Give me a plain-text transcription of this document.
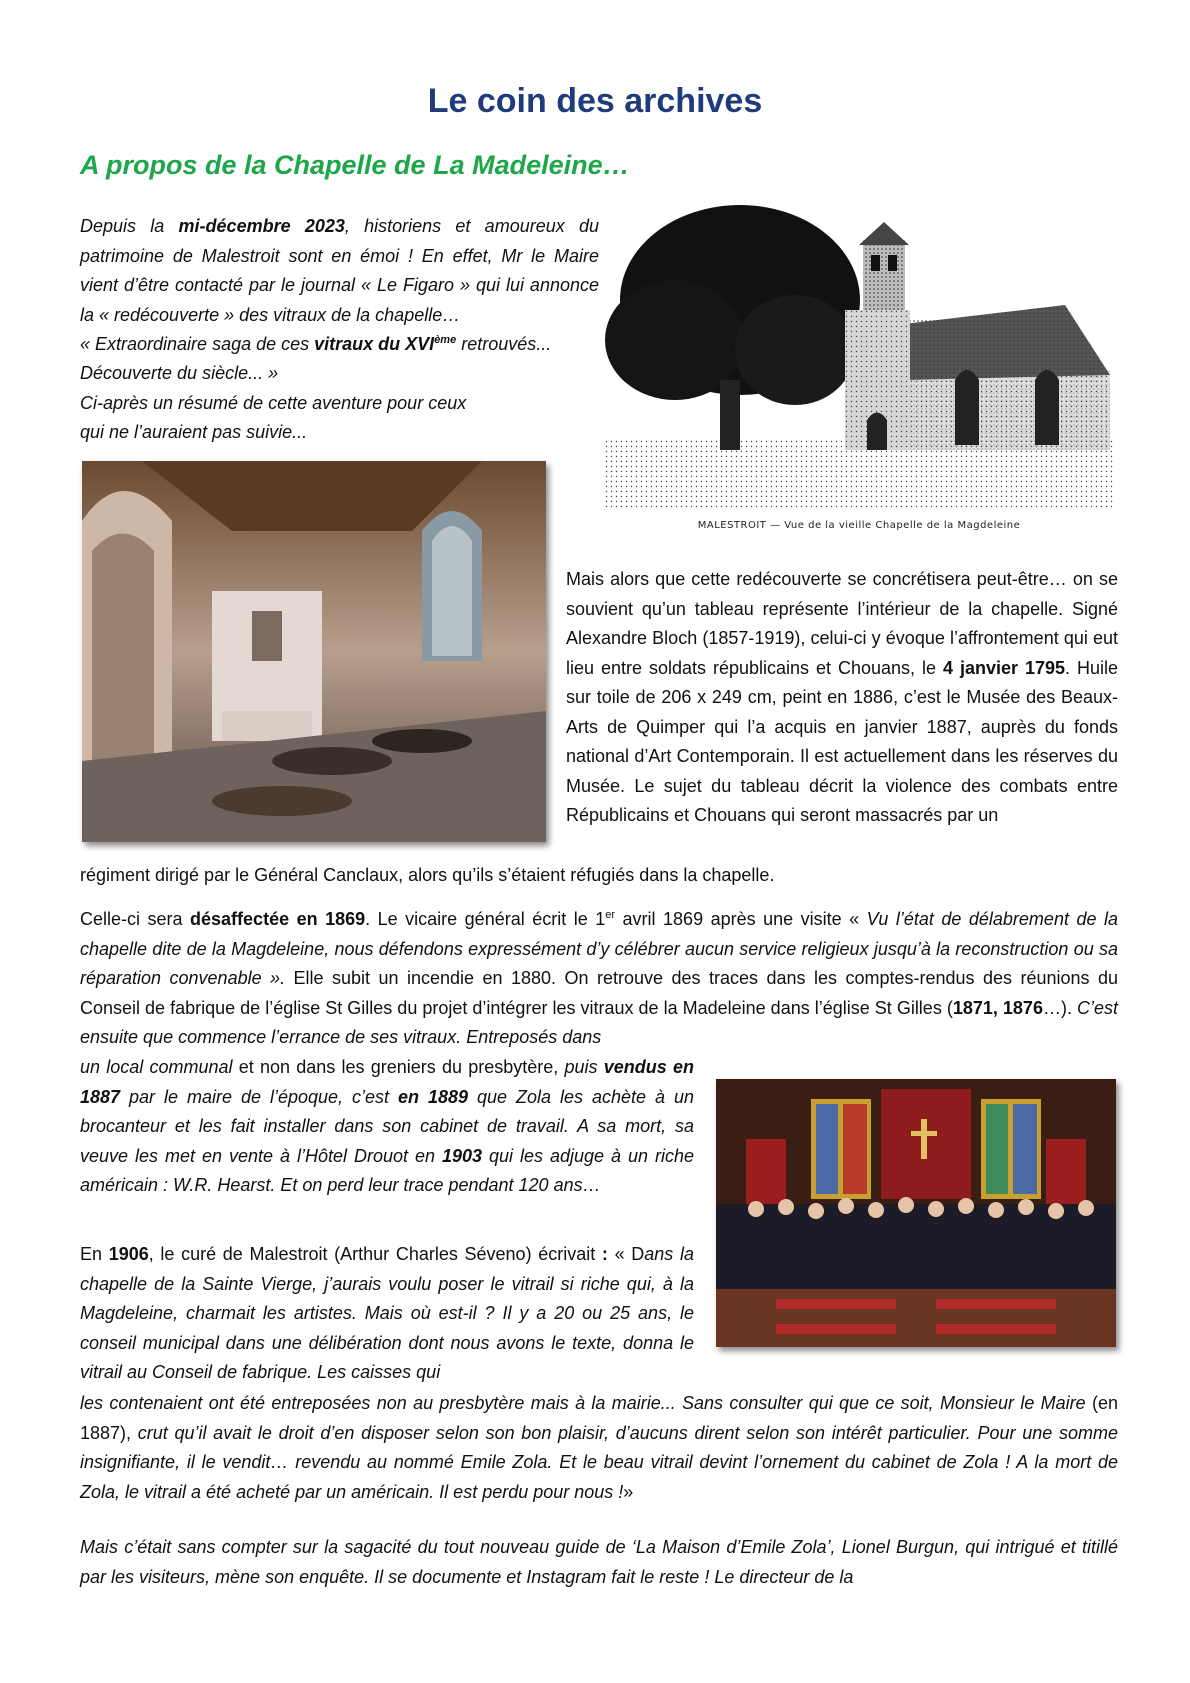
Le coin des archives
A propos de la Chapelle de La Madeleine…
Depuis la mi-décembre 2023, historiens et amoureux du patrimoine de Malestroit sont en émoi ! En effet, Mr le Maire vient d’être contacté par le journal « Le Figaro » qui lui annonce la « redécouverte » des vitraux de la chapelle…
« Extraordinaire saga de ces vitraux du XVIème retrouvés...
Découverte du siècle... »
Ci-après un résumé de cette aventure pour ceux
qui ne l’auraient pas suivie...
MALESTROIT — Vue de la vieille Chapelle de la Magdeleine
Mais alors que cette redécouverte se concrétisera peut-être… on se souvient qu’un tableau représente l’intérieur de la chapelle. Signé Alexandre Bloch (1857-1919), celui-ci y évoque l’affrontement qui eut lieu entre soldats républicains et Chouans, le 4 janvier 1795. Huile sur toile de 206 x 249 cm, peint en 1886, c’est le Musée des Beaux-Arts de Quimper qui l’a acquis en janvier 1887, auprès du fonds national d’Art Contemporain. Il est actuellement dans les réserves du Musée. Le sujet du tableau décrit la violence des combats entre Républicains et Chouans qui seront massacrés par un
régiment dirigé par le Général Canclaux, alors qu’ils s’étaient réfugiés dans la chapelle.
Celle-ci sera désaffectée en 1869. Le vicaire général écrit le 1er avril 1869 après une visite « Vu l’état de délabrement de la chapelle dite de la Magdeleine, nous défendons expressément d’y célébrer aucun service religieux jusqu’à la reconstruction ou sa réparation convenable ». Elle subit un incendie en 1880. On retrouve des traces dans les comptes-rendus des réunions du Conseil de fabrique de l’église St Gilles du projet d’intégrer les vitraux de la Madeleine dans l’église St Gilles (1871, 1876…). C’est ensuite que commence l’errance de ses vitraux. Entreposés dans
un local communal et non dans les greniers du presbytère, puis vendus en 1887 par le maire de l’époque, c’est en 1889 que Zola les achète à un brocanteur et les fait installer dans son cabinet de travail. A sa mort, sa veuve les met en vente à l’Hôtel Drouot en 1903 qui les adjuge à un riche américain : W.R. Hearst. Et on perd leur trace pendant 120 ans…
En 1906, le curé de Malestroit (Arthur Charles Séveno) écrivait : « Dans la chapelle de la Sainte Vierge, j’aurais voulu poser le vitrail si riche qui, à la Magdeleine, charmait les artistes. Mais où est-il ? Il y a 20 ou 25 ans, le conseil municipal dans une délibération dont nous avons le texte, donna le vitrail au Conseil de fabrique. Les caisses qui
les contenaient ont été entreposées non au presbytère mais à la mairie... Sans consulter qui que ce soit, Monsieur le Maire (en 1887), crut qu’il avait le droit d’en disposer selon son bon plaisir, d’aucuns dirent selon son intérêt particulier. Pour une somme insignifiante, il le vendit… revendu au nommé Emile Zola. Et le beau vitrail devint l’ornement du cabinet de Zola ! A la mort de Zola, le vitrail a été acheté par un américain. Il est perdu pour nous !»
Mais c’était sans compter sur la sagacité du tout nouveau guide de ‘La Maison d’Emile Zola’, Lionel Burgun, qui intrigué et titillé par les visiteurs, mène son enquête. Il se documente et Instagram fait le reste ! Le directeur de la
